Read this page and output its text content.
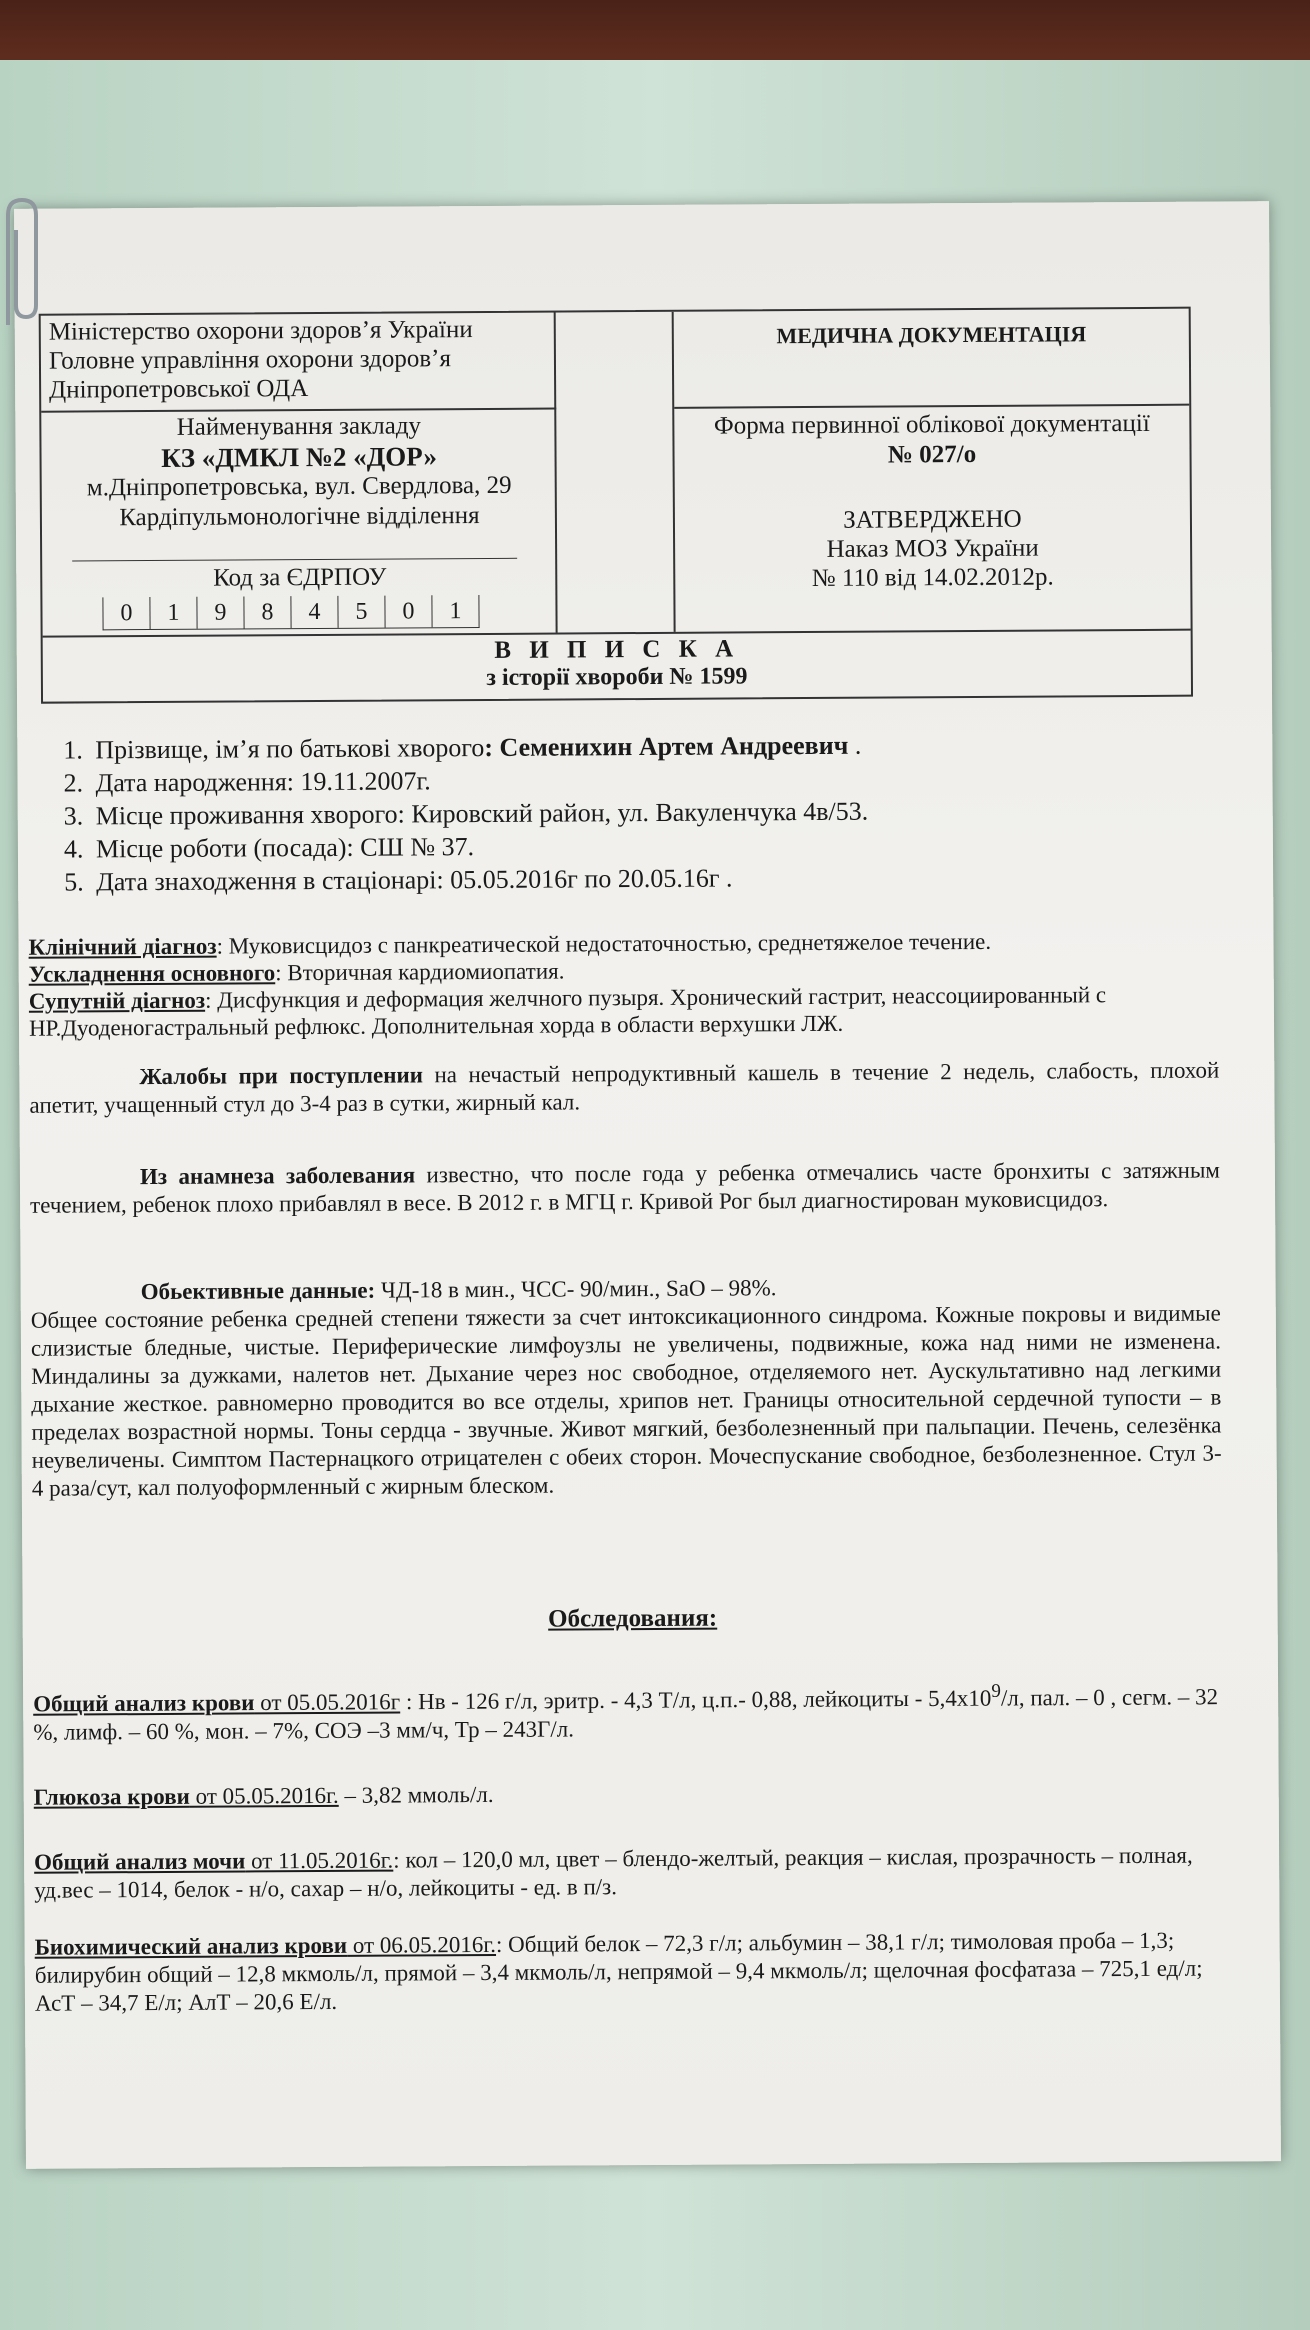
Міністерство охорони здоров’я України
Головне управління охорони здоров’я
Дніпропетровської ОДА
Найменування закладу
КЗ «ДМКЛ №2 «ДОР»
м.Дніпропетровська, вул. Свердлова, 29
Кардіпульмонологічне відділення
Код за ЄДРПОУ
0	1	9	8	4	5	0	1
МЕДИЧНА ДОКУМЕНТАЦІЯ
Форма первинної облікової документації
№ 027/о
ЗАТВЕРДЖЕНО
Наказ МОЗ України
№ 110 від 14.02.2012р.
В И П И С К А
з історії хвороби № 1599
1. Прізвище, ім’я по батькові хворого: Семенихин Артем Андреевич .
2. Дата народження: 19.11.2007г.
3. Місце проживання хворого: Кировский район, ул. Вакуленчука 4в/53.
4. Місце роботи (посада): СШ № 37.
5. Дата знаходження в стаціонарі: 05.05.2016г по 20.05.16г .
Клінічний діагноз: Муковисцидоз с панкреатической недостаточностью, среднетяжелое течение.
Ускладнення основного: Вторичная кардиомиопатия.
Супутній діагноз: Дисфункция и деформация желчного пузыря. Хронический гастрит, неассоциированный с НР.Дуоденогастральный рефлюкс. Дополнительная хорда в области верхушки ЛЖ.
Жалобы при поступлении на нечастый непродуктивный кашель в течение 2 недель, слабость, плохой апетит, учащенный стул до 3-4 раз в сутки, жирный кал.
Из анамнеза заболевания известно, что после года у ребенка отмечались часте бронхиты с затяжным течением, ребенок плохо прибавлял в весе. В 2012 г. в МГЦ г. Кривой Рог был диагностирован муковисцидоз.
Обьективные данные: ЧД-18 в мин., ЧСС- 90/мин., SaO – 98%.
Общее состояние ребенка средней степени тяжести за счет интоксикационного синдрома. Кожные покровы и видимые слизистые бледные, чистые. Периферические лимфоузлы не увеличены, подвижные, кожа над ними не изменена. Миндалины за дужками, налетов нет. Дыхание через нос свободное, отделяемого нет. Аускультативно над легкими дыхание жесткое. равномерно проводится во все отделы, хрипов нет. Границы относительной сердечной тупости – в пределах возрастной нормы. Тоны сердца - звучные. Живот мягкий, безболезненный при пальпации. Печень, селезёнка неувеличены. Симптом Пастернацкого отрицателен с обеих сторон. Мочеспускание свободное, безболезненное. Стул 3-4 раза/сут, кал полуоформленный с жирным блеском.
Обследования:
Общий анализ крови от 05.05.2016г : Нв - 126 г/л, эритр. - 4,3 Т/л, ц.п.- 0,88, лейкоциты - $5,4х10^9/л$, пал. – 0 , сегм. – 32 %, лимф. – 60 %, мон. – 7%, СОЭ –3 мм/ч, Тр – 243Г/л.
Глюкоза крови от 05.05.2016г. – 3,82 ммоль/л.
Общий анализ мочи от 11.05.2016г.: кол – 120,0 мл, цвет – блендо-желтый, реакция – кислая, прозрачность – полная, уд.вес – 1014, белок - н/о, сахар – н/о, лейкоциты - ед. в п/з.
Биохимический анализ крови от 06.05.2016г.: Общий белок – 72,3 г/л; альбумин – 38,1 г/л; тимоловая проба – 1,3; билирубин общий – 12,8 мкмоль/л, прямой – 3,4 мкмоль/л, непрямой – 9,4 мкмоль/л; щелочная фосфатаза – 725,1 ед/л; АсТ – 34,7 Е/л; АлТ – 20,6 Е/л.
